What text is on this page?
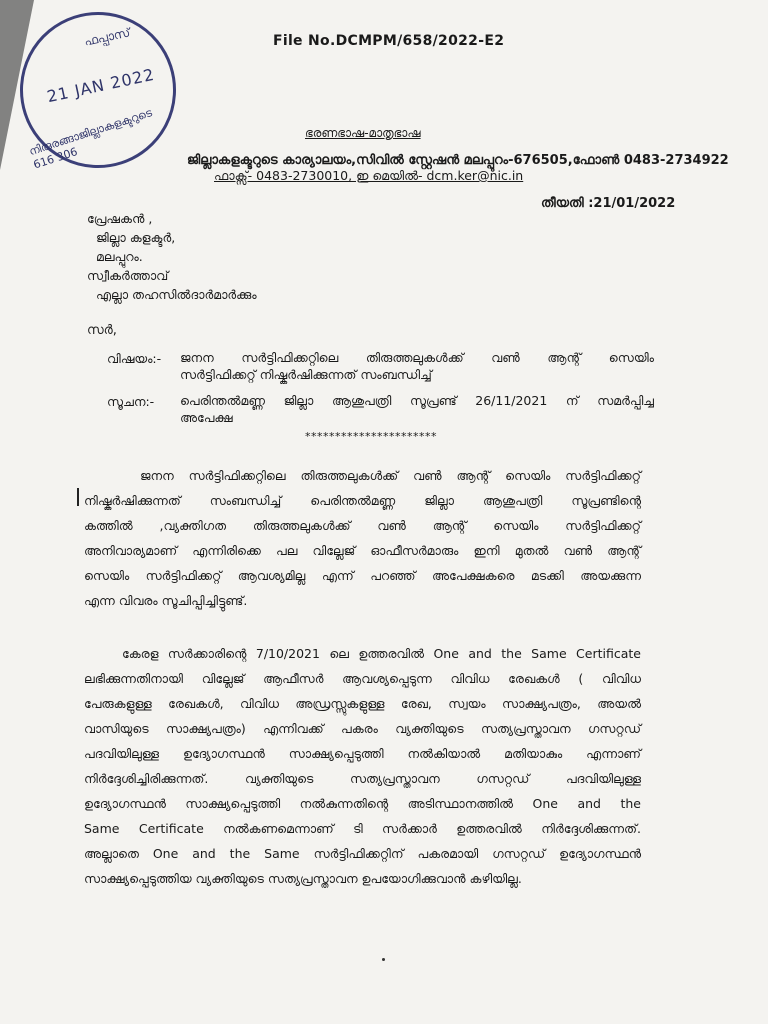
ഫപ്പാസ്
21 JAN 2022
നിരുരങ്ങാജില്ലാകളക്ടറുടെ 616 306
File No.DCMPM/658/2022-E2
ഭരണഭാഷ-മാതൃഭാഷ
ജില്ലാകളക്ടറുടെ കാര്യാലയം,സിവിൽ സ്റ്റേഷൻ മലപ്പുറം-676505,ഫോൺ 0483-2734922
ഫാക്സ്- 0483-2730010, ഇ മെയിൽ- dcm.ker@nic.in
തീയതി :21/01/2022
പ്രേഷകൻ ,
ജില്ലാ കളക്ടർ,
മലപ്പുറം.
സ്വീകർത്താവ്
എല്ലാ തഹസിൽദാർമാർക്കും
സർ,
വിഷയം:- ജനന സർട്ടിഫിക്കറ്റിലെ തിരുത്തലുകൾക്ക് വൺ ആന്റ് സെയിം
സർട്ടിഫിക്കറ്റ് നിഷ്കർഷിക്കുന്നത് സംബന്ധിച്ച്
സൂചന:- പെരിന്തൽമണ്ണ ജില്ലാ ആശുപത്രി സൂപ്രണ്ട് 26/11/2021 ന് സമർപ്പിച്ച
അപേക്ഷ
**********************
ജനന സർട്ടിഫിക്കറ്റിലെ തിരുത്തലുകൾക്ക് വൺ ആന്റ് സെയിം സർട്ടിഫിക്കറ്റ്
നിഷ്കർഷിക്കുന്നത് സംബന്ധിച്ച് പെരിന്തൽമണ്ണ ജില്ലാ ആശുപത്രി സൂപ്രണ്ടിന്റെ
കത്തിൽ ,വ്യക്തിഗത തിരുത്തലുകൾക്ക് വൺ ആന്റ് സെയിം സർട്ടിഫിക്കറ്റ്
അനിവാര്യമാണ് എന്നിരിക്കെ പല വില്ലേജ് ഓഫീസർമാരും ഇനി മുതൽ വൺ ആന്റ്
സെയിം സർട്ടിഫിക്കറ്റ് ആവശ്യമില്ല എന്ന് പറഞ്ഞ് അപേക്ഷകരെ മടക്കി അയക്കുന്ന
എന്ന വിവരം സൂചിപ്പിച്ചിട്ടുണ്ട്.
കേരള സർക്കാരിന്റെ 7/10/2021 ലെ ഉത്തരവിൽ One and the Same Certificate
ലഭിക്കുന്നതിനായി വില്ലേജ് ആഫീസർ ആവശ്യപ്പെടുന്ന വിവിധ രേഖകൾ ( വിവിധ
പേരുകളുള്ള രേഖകൾ, വിവിധ അഡ്രസ്സുകളുള്ള രേഖ, സ്വയം സാക്ഷ്യപത്രം, അയൽ
വാസിയുടെ സാക്ഷ്യപത്രം) എന്നിവക്ക് പകരം വ്യക്തിയുടെ സത്യപ്രസ്താവന ഗസറ്റഡ്
പദവിയിലുള്ള ഉദ്യോഗസ്ഥൻ സാക്ഷ്യപ്പെടുത്തി നൽകിയാൽ മതിയാകും എന്നാണ്
നിർദ്ദേശിച്ചിരിക്കുന്നത്. വ്യക്തിയുടെ സത്യപ്രസ്താവന ഗസറ്റഡ് പദവിയിലുള്ള
ഉദ്യോഗസ്ഥൻ സാക്ഷ്യപ്പെടുത്തി നൽകുന്നതിന്റെ അടിസ്ഥാനത്തിൽ One and the
Same Certificate നൽകണമെന്നാണ് ടി സർക്കാർ ഉത്തരവിൽ നിർദ്ദേശിക്കുന്നത്.
അല്ലാതെ One and the Same സർട്ടിഫിക്കറ്റിന് പകരമായി ഗസറ്റഡ് ഉദ്യോഗസ്ഥൻ
സാക്ഷ്യപ്പെടുത്തിയ വ്യക്തിയുടെ സത്യപ്രസ്താവന ഉപയോഗിക്കുവാൻ കഴിയില്ല.
